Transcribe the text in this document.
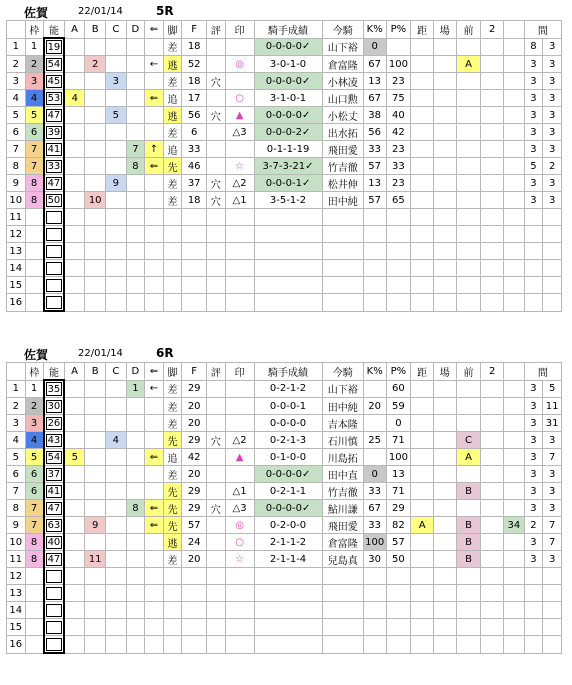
佐賀	22/01/14	5R
	枠	能	A	B	C	D	⇐	脚	F	評	印	騎手成績	今騎	K%	P%	距	場	前	2		間	
1	1	19						差	18			0-0-0-0✓	山下裕	0							8	3
2	2	54		2			←	逃	52		◎	3-0-1-0	倉富隆	67	100			A			3	3
3	3	45			3			差	18	穴		0-0-0-0✓	小林凌	13	23						3	3
4	4	53	4				⇐	追	17		○	3-1-0-1	山口勲	67	75						3	3
5	5	47			5			逃	56	穴	▲	0-0-0-0✓	小松丈	38	40						3	3
6	6	39						差	6		△3	0-0-0-2✓	出水拓	56	42						3	3
7	7	41				7	↑	追	33			0-1-1-19	飛田愛	33	23						3	3
8	7	33				8	⇐	先	46		☆	3-7-3-21✓	竹吉徹	57	33						5	2
9	8	47			9			差	37	穴	△2	0-0-0-1✓	松井伸	13	23						3	3
10	8	50		10				差	18	穴	△1	3-5-1-2	田中純	57	65						3	3
11																						
12																						
13																						
14																						
15																						
16																						
佐賀	22/01/14	6R
	枠	能	A	B	C	D	⇐	脚	F	評	印	騎手成績	今騎	K%	P%	距	場	前	2		間	
1	1	35				1	←	差	29			0-2-1-2	山下裕		60						3	5
2	2	30						差	20			0-0-0-1	田中純	20	59						3	11
3	3	26						差	20			0-0-0-0	吉本隆		0						3	31
4	4	43			4			先	29	穴	△2	0-2-1-3	石川慎	25	71			C			3	3
5	5	54	5				⇐	追	42		▲	0-1-0-0	川島拓		100			A			3	7
6	6	37						差	20			0-0-0-0✓	田中直	0	13						3	3
7	6	41						先	29		△1	0-2-1-1	竹吉徹	33	71			B			3	3
8	7	47				8	⇐	先	29	穴	△3	0-0-0-0✓	鮎川謙	67	29						3	3
9	7	63		9			⇐	先	57		◎	0-2-0-0	飛田愛	33	82	A		B		34	2	7
10	8	40						逃	24		○	2-1-1-2	倉富隆	100	57			B			3	7
11	8	47		11				差	20		☆	2-1-1-4	兒島真	30	50			B			3	3
12																						
13																						
14																						
15																						
16																						
